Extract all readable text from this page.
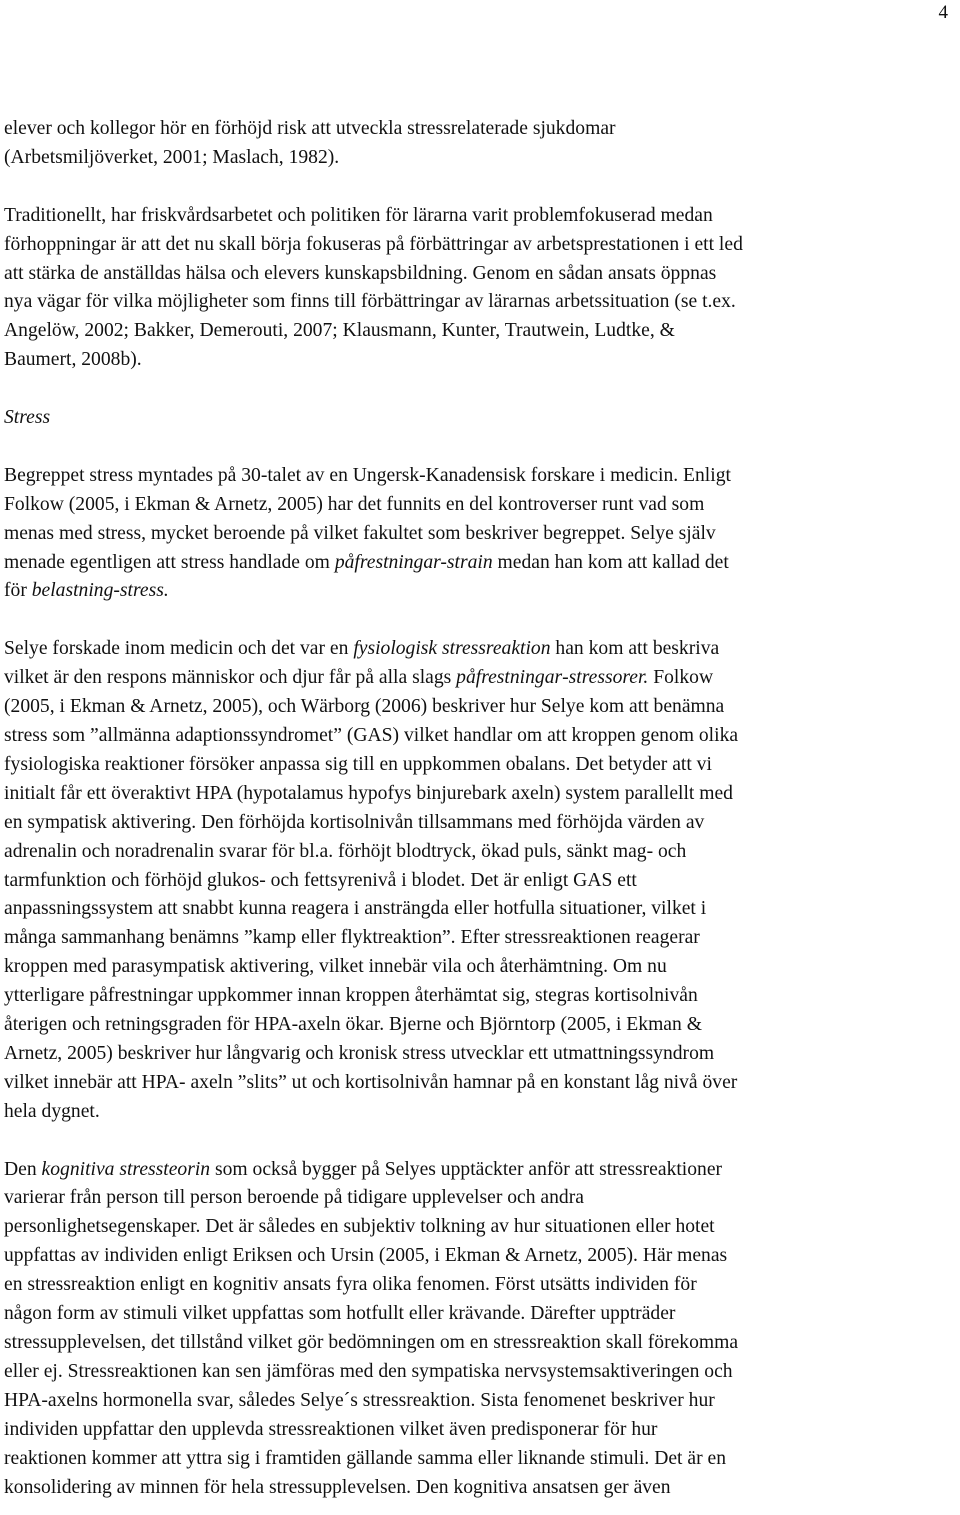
4
elever och kollegor hör en förhöjd risk att utveckla stressrelaterade sjukdomar
(Arbetsmiljöverket, 2001; Maslach, 1982).
Traditionellt, har friskvårdsarbetet och politiken för lärarna varit problemfokuserad medan
förhoppningar är att det nu skall börja fokuseras på förbättringar av arbetsprestationen i ett led
att stärka de anställdas hälsa och elevers kunskapsbildning. Genom en sådan ansats öppnas
nya vägar för vilka möjligheter som finns till förbättringar av lärarnas arbetssituation (se t.ex.
Angelöw, 2002; Bakker, Demerouti, 2007; Klausmann, Kunter, Trautwein, Ludtke, &
Baumert, 2008b).
Stress
Begreppet stress myntades på 30-talet av en Ungersk-Kanadensisk forskare i medicin. Enligt
Folkow (2005, i Ekman & Arnetz, 2005) har det funnits en del kontroverser runt vad som
menas med stress, mycket beroende på vilket fakultet som beskriver begreppet. Selye själv
menade egentligen att stress handlade om påfrestningar-strain medan han kom att kallad det
för belastning-stress.
Selye forskade inom medicin och det var en fysiologisk stressreaktion han kom att beskriva
vilket är den respons människor och djur får på alla slags påfrestningar-stressorer. Folkow
(2005, i Ekman & Arnetz, 2005), och Wärborg (2006) beskriver hur Selye kom att benämna
stress som ”allmänna adaptionssyndromet” (GAS) vilket handlar om att kroppen genom olika
fysiologiska reaktioner försöker anpassa sig till en uppkommen obalans. Det betyder att vi
initialt får ett överaktivt HPA (hypotalamus hypofys binjurebark axeln) system parallellt med
en sympatisk aktivering. Den förhöjda kortisolnivån tillsammans med förhöjda värden av
adrenalin och noradrenalin svarar för bl.a. förhöjt blodtryck, ökad puls, sänkt mag- och
tarmfunktion och förhöjd glukos- och fettsyrenivå i blodet. Det är enligt GAS ett
anpassningssystem att snabbt kunna reagera i ansträngda eller hotfulla situationer, vilket i
många sammanhang benämns ”kamp eller flyktreaktion”. Efter stressreaktionen reagerar
kroppen med parasympatisk aktivering, vilket innebär vila och återhämtning. Om nu
ytterligare påfrestningar uppkommer innan kroppen återhämtat sig, stegras kortisolnivån
återigen och retningsgraden för HPA-axeln ökar. Bjerne och Björntorp (2005, i Ekman &
Arnetz, 2005) beskriver hur långvarig och kronisk stress utvecklar ett utmattningssyndrom
vilket innebär att HPA- axeln ”slits” ut och kortisolnivån hamnar på en konstant låg nivå över
hela dygnet.
Den kognitiva stressteorin som också bygger på Selyes upptäckter anför att stressreaktioner
varierar från person till person beroende på tidigare upplevelser och andra
personlighetsegenskaper. Det är således en subjektiv tolkning av hur situationen eller hotet
uppfattas av individen enligt Eriksen och Ursin (2005, i Ekman & Arnetz, 2005). Här menas
en stressreaktion enligt en kognitiv ansats fyra olika fenomen. Först utsätts individen för
någon form av stimuli vilket uppfattas som hotfullt eller krävande. Därefter uppträder
stressupplevelsen, det tillstånd vilket gör bedömningen om en stressreaktion skall förekomma
eller ej. Stressreaktionen kan sen jämföras med den sympatiska nervsystemsaktiveringen och
HPA-axelns hormonella svar, således Selye´s stressreaktion. Sista fenomenet beskriver hur
individen uppfattar den upplevda stressreaktionen vilket även predisponerar för hur
reaktionen kommer att yttra sig i framtiden gällande samma eller liknande stimuli. Det är en
konsolidering av minnen för hela stressupplevelsen. Den kognitiva ansatsen ger även
